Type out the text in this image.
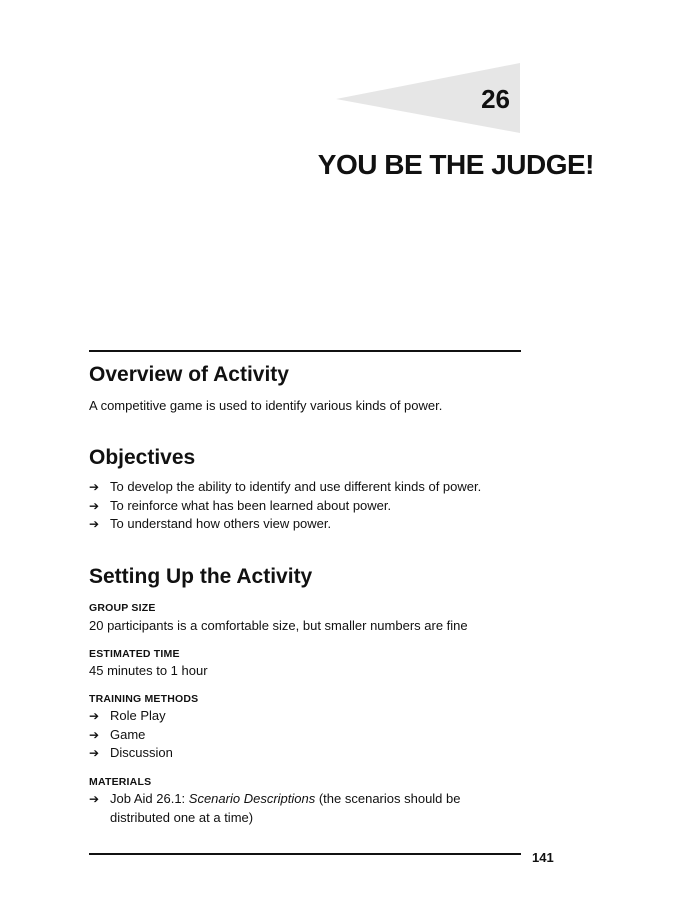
26
YOU BE THE JUDGE!
Overview of Activity
A competitive game is used to identify various kinds of power.
Objectives
➔ To develop the ability to identify and use different kinds of power.
➔ To reinforce what has been learned about power.
➔ To understand how others view power.
Setting Up the Activity
GROUP SIZE
20 participants is a comfortable size, but smaller numbers are fine
ESTIMATED TIME
45 minutes to 1 hour
TRAINING METHODS
➔ Role Play
➔ Game
➔ Discussion
MATERIALS
➔ Job Aid 26.1: Scenario Descriptions (the scenarios should be distributed one at a time)
141
